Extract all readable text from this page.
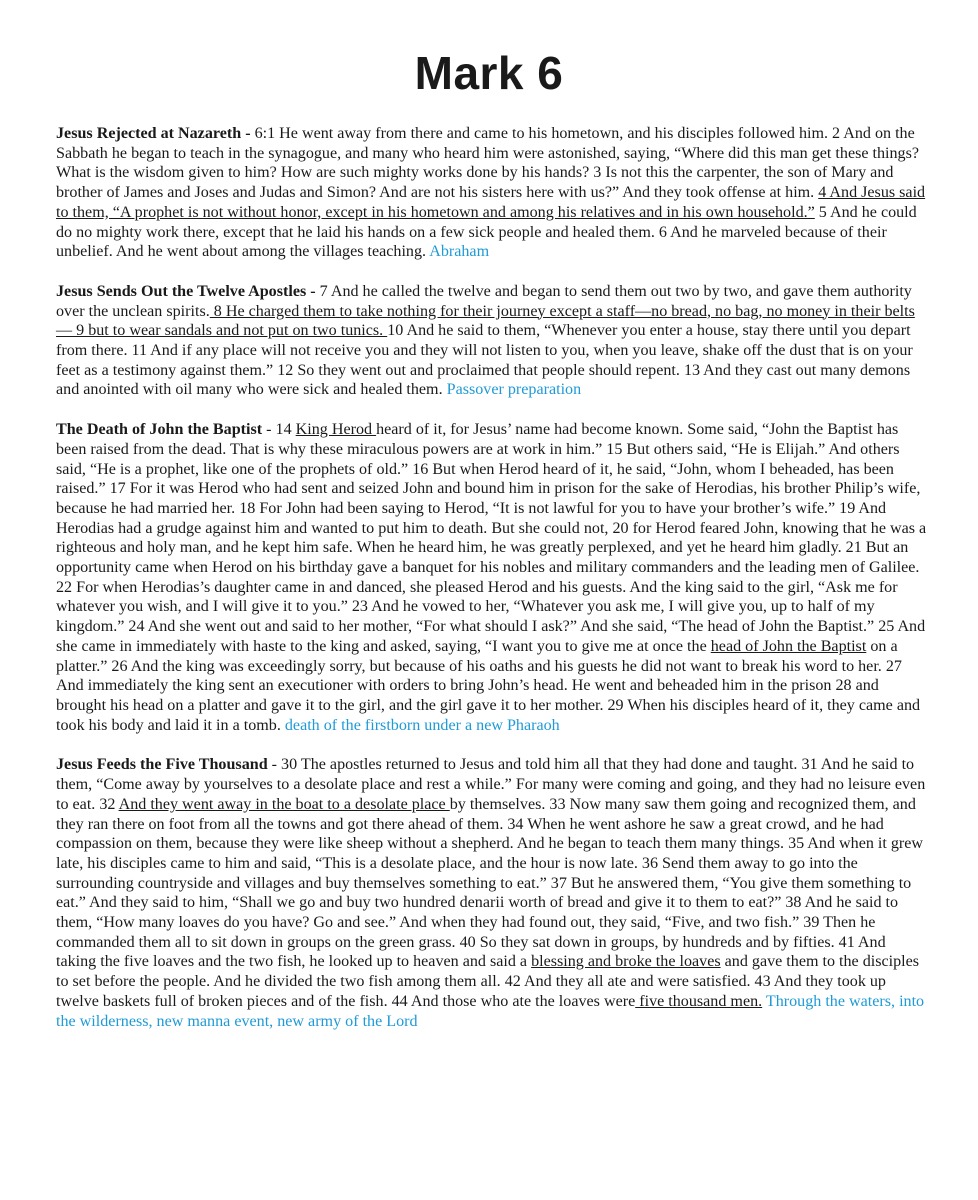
Mark 6

Jesus Rejected at Nazareth - 6:1 He went away from there and came to his hometown, and his disciples followed him. 2 And on the Sabbath he began to teach in the synagogue, and many who heard him were astonished, saying, “Where did this man get these things? What is the wisdom given to him? How are such mighty works done by his hands? 3 Is not this the carpenter, the son of Mary and brother of James and Joses and Judas and Simon? And are not his sisters here with us?” And they took offense at him. 4 And Jesus said to them, “A prophet is not without honor, except in his hometown and among his relatives and in his own household.” 5 And he could do no mighty work there, except that he laid his hands on a few sick people and healed them. 6 And he marveled because of their unbelief. And he went about among the villages teaching. Abraham

Jesus Sends Out the Twelve Apostles - 7 And he called the twelve and began to send them out two by two, and gave them authority over the unclean spirits. 8 He charged them to take nothing for their journey except a staff—no bread, no bag, no money in their belts— 9 but to wear sandals and not put on two tunics. 10 And he said to them, “Whenever you enter a house, stay there until you depart from there. 11 And if any place will not receive you and they will not listen to you, when you leave, shake off the dust that is on your feet as a testimony against them.” 12 So they went out and proclaimed that people should repent. 13 And they cast out many demons and anointed with oil many who were sick and healed them. Passover preparation

The Death of John the Baptist - 14 King Herod heard of it, for Jesus’ name had become known. Some said, “John the Baptist has been raised from the dead. That is why these miraculous powers are at work in him.” 15 But others said, “He is Elijah.” And others said, “He is a prophet, like one of the prophets of old.” 16 But when Herod heard of it, he said, “John, whom I beheaded, has been raised.” 17 For it was Herod who had sent and seized John and bound him in prison for the sake of Herodias, his brother Philip’s wife, because he had married her. 18 For John had been saying to Herod, “It is not lawful for you to have your brother’s wife.” 19 And Herodias had a grudge against him and wanted to put him to death. But she could not, 20 for Herod feared John, knowing that he was a righteous and holy man, and he kept him safe. When he heard him, he was greatly perplexed, and yet he heard him gladly. 21 But an opportunity came when Herod on his birthday gave a banquet for his nobles and military commanders and the leading men of Galilee. 22 For when Herodias’s daughter came in and danced, she pleased Herod and his guests. And the king said to the girl, “Ask me for whatever you wish, and I will give it to you.” 23 And he vowed to her, “Whatever you ask me, I will give you, up to half of my kingdom.” 24 And she went out and said to her mother, “For what should I ask?” And she said, “The head of John the Baptist.” 25 And she came in immediately with haste to the king and asked, saying, “I want you to give me at once the head of John the Baptist on a platter.” 26 And the king was exceedingly sorry, but because of his oaths and his guests he did not want to break his word to her. 27 And immediately the king sent an executioner with orders to bring John’s head. He went and beheaded him in the prison 28 and brought his head on a platter and gave it to the girl, and the girl gave it to her mother. 29 When his disciples heard of it, they came and took his body and laid it in a tomb. death of the firstborn under a new Pharaoh

Jesus Feeds the Five Thousand - 30 The apostles returned to Jesus and told him all that they had done and taught. 31 And he said to them, “Come away by yourselves to a desolate place and rest a while.” For many were coming and going, and they had no leisure even to eat. 32 And they went away in the boat to a desolate place by themselves. 33 Now many saw them going and recognized them, and they ran there on foot from all the towns and got there ahead of them. 34 When he went ashore he saw a great crowd, and he had compassion on them, because they were like sheep without a shepherd. And he began to teach them many things. 35 And when it grew late, his disciples came to him and said, “This is a desolate place, and the hour is now late. 36 Send them away to go into the surrounding countryside and villages and buy themselves something to eat.” 37 But he answered them, “You give them something to eat.” And they said to him, “Shall we go and buy two hundred denarii worth of bread and give it to them to eat?” 38 And he said to them, “How many loaves do you have? Go and see.” And when they had found out, they said, “Five, and two fish.” 39 Then he commanded them all to sit down in groups on the green grass. 40 So they sat down in groups, by hundreds and by fifties. 41 And taking the five loaves and the two fish, he looked up to heaven and said a blessing and broke the loaves and gave them to the disciples to set before the people. And he divided the two fish among them all. 42 And they all ate and were satisfied. 43 And they took up twelve baskets full of broken pieces and of the fish. 44 And those who ate the loaves were five thousand men. Through the waters, into the wilderness, new manna event, new army of the Lord
